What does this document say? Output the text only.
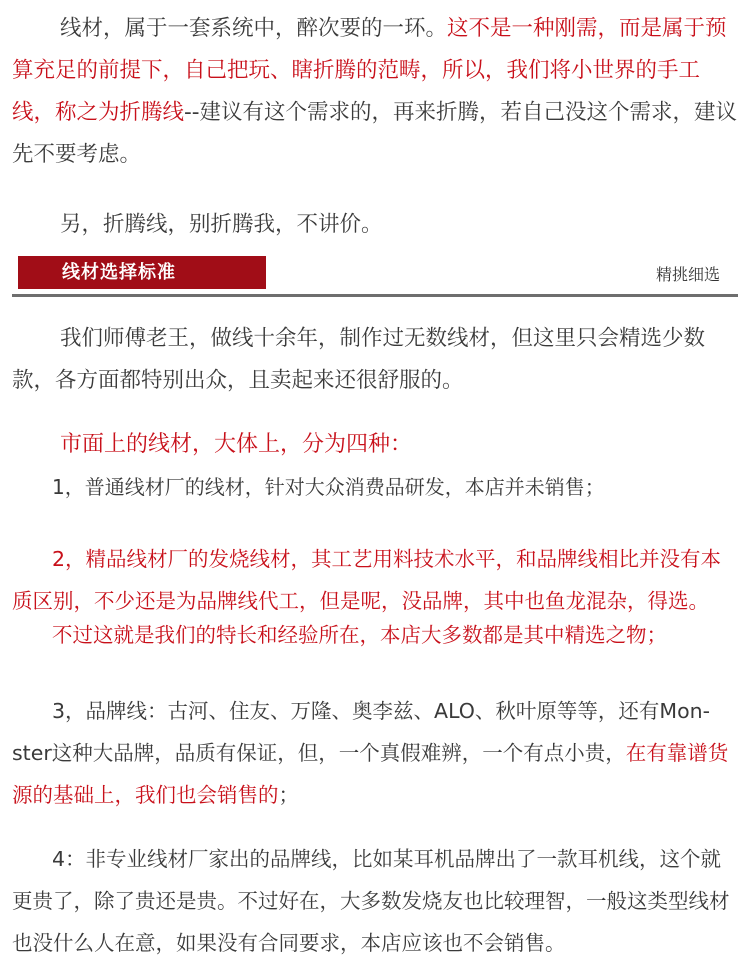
线材，属于一套系统中，醉次要的一环。这不是一种刚需，而是属于预算充足的前提下，自己把玩、瞎折腾的范畴，所以，我们将小世界的手工线，称之为折腾线--建议有这个需求的，再来折腾，若自己没这个需求，建议先不要考虑。

另，折腾线，别折腾我，不讲价。

线材选择标准	精挑细选

我们师傅老王，做线十余年，制作过无数线材，但这里只会精选少数款，各方面都特别出众，且卖起来还很舒服的。

市面上的线材，大体上，分为四种：

1，普通线材厂的线材，针对大众消费品研发，本店并未销售；

2，精品线材厂的发烧线材，其工艺用料技术水平，和品牌线相比并没有本质区别，不少还是为品牌线代工，但是呢，没品牌，其中也鱼龙混杂，得选。

不过这就是我们的特长和经验所在，本店大多数都是其中精选之物；

3，品牌线：古河、住友、万隆、奥李兹、ALO、秋叶原等等，还有Mon-ster这种大品牌，品质有保证，但，一个真假难辨，一个有点小贵，在有靠谱货源的基础上，我们也会销售的；

4：非专业线材厂家出的品牌线，比如某耳机品牌出了一款耳机线，这个就更贵了，除了贵还是贵。不过好在，大多数发烧友也比较理智，一般这类型线材也没什么人在意，如果没有合同要求，本店应该也不会销售。
